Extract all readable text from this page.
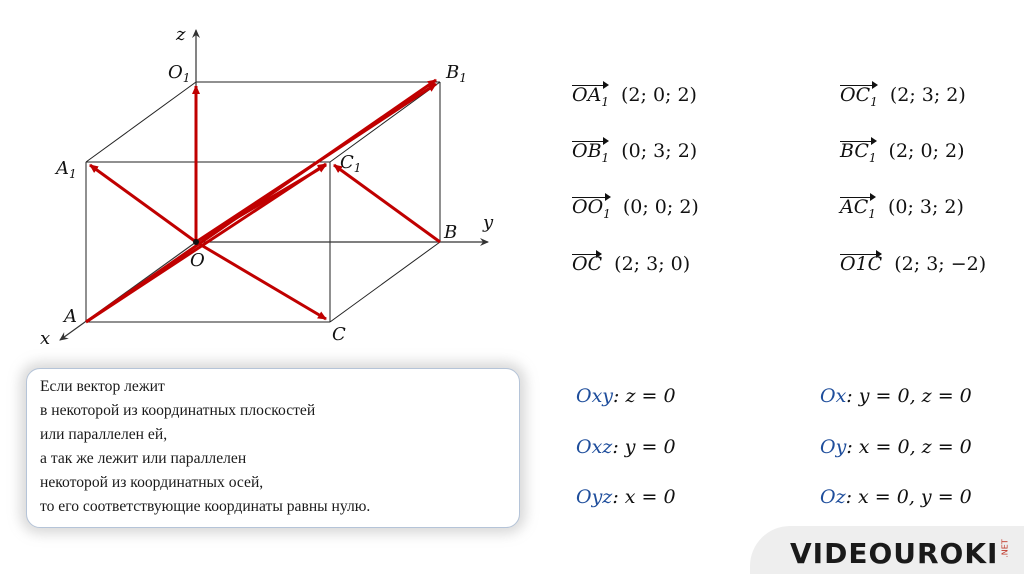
z
y
x
$O_1$	$B_1$
$A_1$
$C_1$
B
O
A
C
$OA_1$ (2; 0; 2)
$OB_1$ (0; 3; 2)
$OO_1$ (0; 0; 2)
OC (2; 3; 0)
$OC_1$ (2; 3; 2)
$BC_1$ (2; 0; 2)
$AC_1$ (0; 3; 2)
O1C (2; 3; −2)
Oxy: z = 0
Oxz: y = 0
Oyz: x = 0
Ox: y = 0, z = 0
Oy: x = 0, z = 0
Oz: x = 0, y = 0
Если вектор лежит
в некоторой из координатных плоскостей
или параллелен ей,
а так же лежит или параллелен
некоторой из координатных осей,
то его соответствующие координаты равны нулю.
VIDEOUROKI .NET
